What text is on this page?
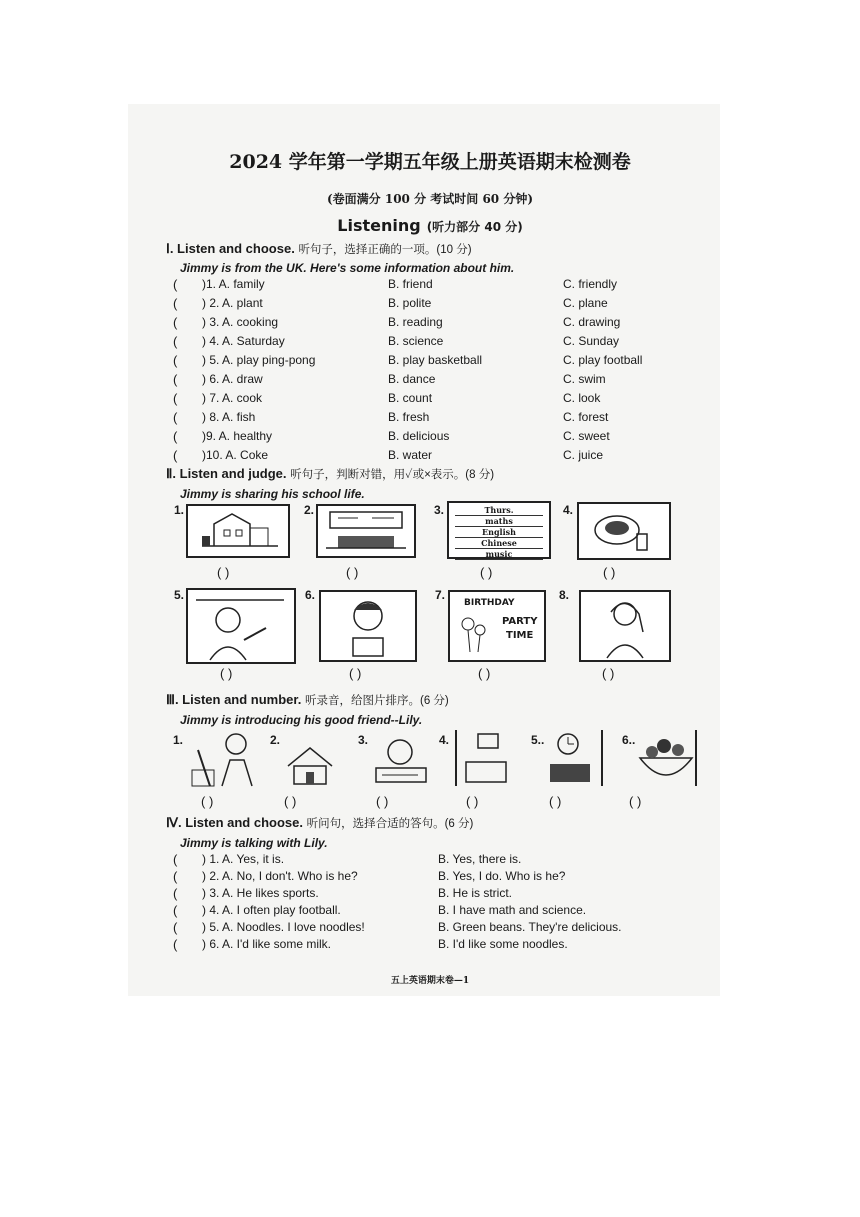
2024 学年第一学期五年级上册英语期末检测卷
(卷面满分 100 分 考试时间 60 分钟)
Listening (听力部分 40 分)
Ⅰ. Listen and choose. 听句子，选择正确的一项。(10 分)
Jimmy is from the UK. Here's some information about him.
( )1. A. family	B. friend	C. friendly
( ) 2. A. plant	B. polite	C. plane
( ) 3. A. cooking	B. reading	C. drawing
( ) 4. A. Saturday	B. science	C. Sunday
( ) 5. A. play ping-pong	B. play basketball	C. play football
( ) 6. A. draw	B. dance	C. swim
( ) 7. A. cook	B. count	C. look
( ) 8. A. fish	B. fresh	C. forest
( )9. A. healthy	B. delicious	C. sweet
( )10. A. Coke	B. water	C. juice
Ⅱ. Listen and judge. 听句子，判断对错，用✓或×表示。(8 分)
Jimmy is sharing his school life.
1.	2.	3.	Thurs.
maths
English
Chinese
music
4.
( )	( )	( )	( )
5.	6.	7.
BIRTHDAY
PARTY
TIME
8.
( )	( )	( )	( )
Ⅲ. Listen and number. 听录音，给图片排序。(6 分)
Jimmy is introducing his good friend--Lily.
1.	2.	3.	4.	5..	6..
( )	( )	( )	( )	( )	( )
Ⅳ. Listen and choose. 听问句，选择合适的答句。(6 分)
Jimmy is talking with Lily.
( ) 1. A. Yes, it is.	B. Yes, there is.
( ) 2. A. No, I don't. Who is he?	B. Yes, I do. Who is he?
( ) 3. A. He likes sports.	B. He is strict.
( ) 4. A. I often play football.	B. I have math and science.
( ) 5. A. Noodles. I love noodles!	B. Green beans. They're delicious.
( ) 6. A. I'd like some milk.	B. I'd like some noodles.
五上英语期末卷—1
